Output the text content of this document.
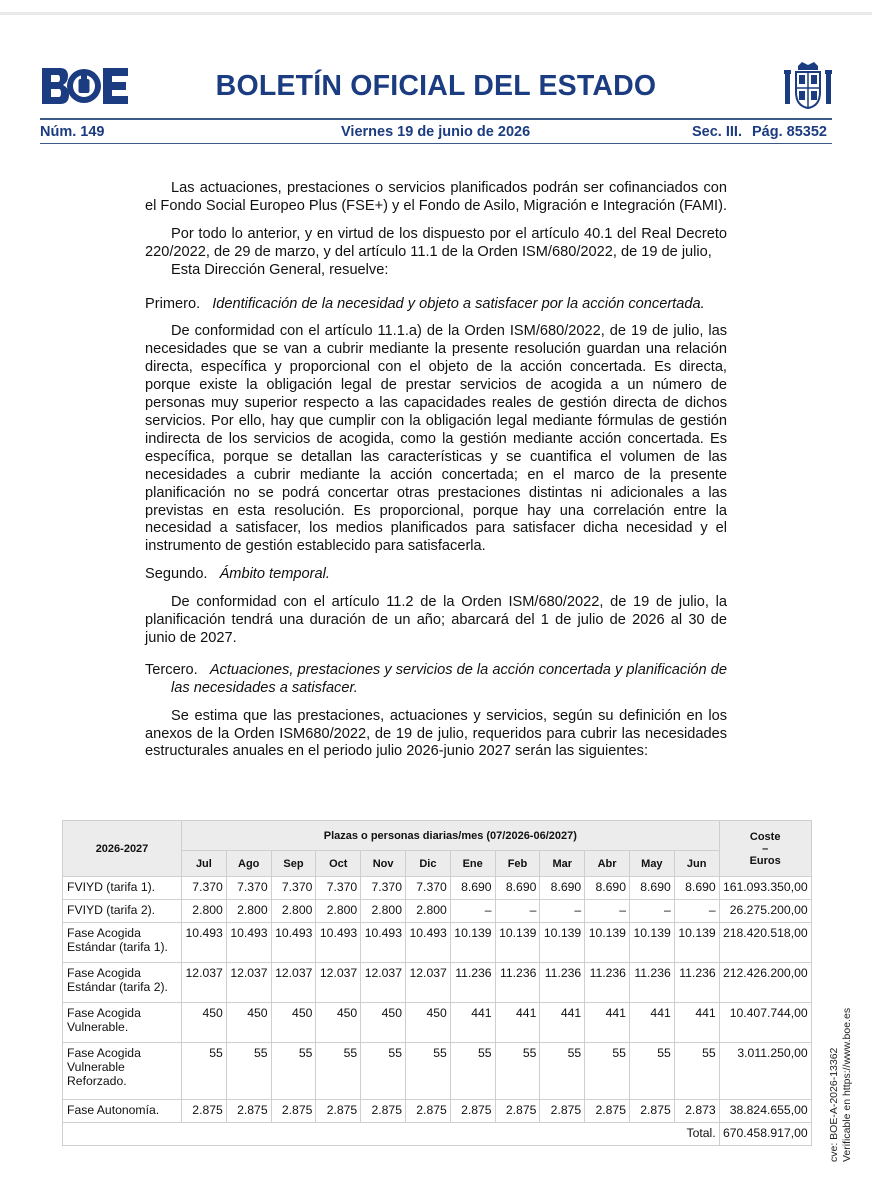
BOLETÍN OFICIAL DEL ESTADO
Núm. 149	Viernes 19 de junio de 2026	Sec. III. Pág. 85352

Las actuaciones, prestaciones o servicios planificados podrán ser cofinanciados con el Fondo Social Europeo Plus (FSE+) y el Fondo de Asilo, Migración e Integración (FAMI).

Por todo lo anterior, y en virtud de los dispuesto por el artículo 40.1 del Real Decreto 220/2022, de 29 de marzo, y del artículo 11.1 de la Orden ISM/680/2022, de 19 de julio,

Esta Dirección General, resuelve:

Primero. Identificación de la necesidad y objeto a satisfacer por la acción concertada.

De conformidad con el artículo 11.1.a) de la Orden ISM/680/2022, de 19 de julio, las necesidades que se van a cubrir mediante la presente resolución guardan una relación directa, específica y proporcional con el objeto de la acción concertada. Es directa, porque existe la obligación legal de prestar servicios de acogida a un número de personas muy superior respecto a las capacidades reales de gestión directa de dichos servicios. Por ello, hay que cumplir con la obligación legal mediante fórmulas de gestión indirecta de los servicios de acogida, como la gestión mediante acción concertada. Es específica, porque se detallan las características y se cuantifica el volumen de las necesidades a cubrir mediante la acción concertada; en el marco de la presente planificación no se podrá concertar otras prestaciones distintas ni adicionales a las previstas en esta resolución. Es proporcional, porque hay una correlación entre la necesidad a satisfacer, los medios planificados para satisfacer dicha necesidad y el instrumento de gestión establecido para satisfacerla.

Segundo. Ámbito temporal.

De conformidad con el artículo 11.2 de la Orden ISM/680/2022, de 19 de julio, la planificación tendrá una duración de un año; abarcará del 1 de julio de 2026 al 30 de junio de 2027.

Tercero. Actuaciones, prestaciones y servicios de la acción concertada y planificación de las necesidades a satisfacer.

Se estima que las prestaciones, actuaciones y servicios, según su definición en los anexos de la Orden ISM680/2022, de 19 de julio, requeridos para cubrir las necesidades estructurales anuales en el periodo julio 2026-junio 2027 serán las siguientes:

2026-2027	Plazas o personas diarias/mes (07/2026-06/2027)												Coste
–
Euros

	Jul	Ago	Sep	Oct	Nov	Dic	Ene	Feb	Mar	Abr	May	Jun	
FVIYD (tarifa 1).	7.370	7.370	7.370	7.370	7.370	7.370	8.690	8.690	8.690	8.690	8.690	8.690	161.093.350,00
FVIYD (tarifa 2).	2.800	2.800	2.800	2.800	2.800	2.800	–	–	–	–	–	–	26.275.200,00
Fase Acogida Estándar (tarifa 1).	10.493	10.493	10.493	10.493	10.493	10.493	10.139	10.139	10.139	10.139	10.139	10.139	218.420.518,00
Fase Acogida Estándar (tarifa 2).	12.037	12.037	12.037	12.037	12.037	12.037	11.236	11.236	11.236	11.236	11.236	11.236	212.426.200,00
Fase Acogida Vulnerable.	450	450	450	450	450	450	441	441	441	441	441	441	10.407.744,00
Fase Acogida Vulnerable Reforzado.	55	55	55	55	55	55	55	55	55	55	55	55	3.011.250,00
Fase Autonomía.	2.875	2.875	2.875	2.875	2.875	2.875	2.875	2.875	2.875	2.875	2.875	2.873	38.824.655,00
Total.													670.458.917,00 cve: BOE-A-2026-13362 Verificable en https://www.boe.es
